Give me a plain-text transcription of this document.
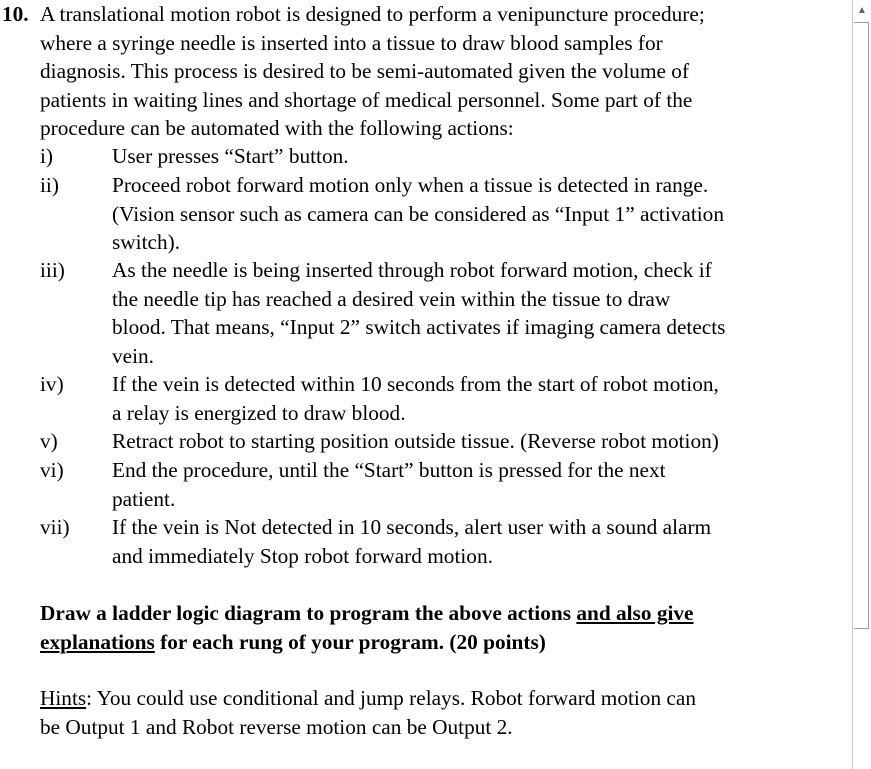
10. A translational motion robot is designed to perform a venipuncture procedure;
where a syringe needle is inserted into a tissue to draw blood samples for
diagnosis. This process is desired to be semi-automated given the volume of
patients in waiting lines and shortage of medical personnel. Some part of the
procedure can be automated with the following actions:
i)	User presses “Start” button.
ii) Proceed robot forward motion only when a tissue is detected in range.
(Vision sensor such as camera can be considered as “Input 1” activation
switch).
iii) As the needle is being inserted through robot forward motion, check if
the needle tip has reached a desired vein within the tissue to draw
blood. That means, “Input 2” switch activates if imaging camera detects
vein.
iv) If the vein is detected within 10 seconds from the start of robot motion,
a relay is energized to draw blood.
v)	Retract robot to starting position outside tissue. (Reverse robot motion)
vi) End the procedure, until the “Start” button is pressed for the next
patient.
vii) If the vein is Not detected in 10 seconds, alert user with a sound alarm
and immediately Stop robot forward motion.
Draw a ladder logic diagram to program the above actions and also give
explanations for each rung of your program. (20 points)
Hints: You could use conditional and jump relays. Robot forward motion can
be Output 1 and Robot reverse motion can be Output 2.
▲
